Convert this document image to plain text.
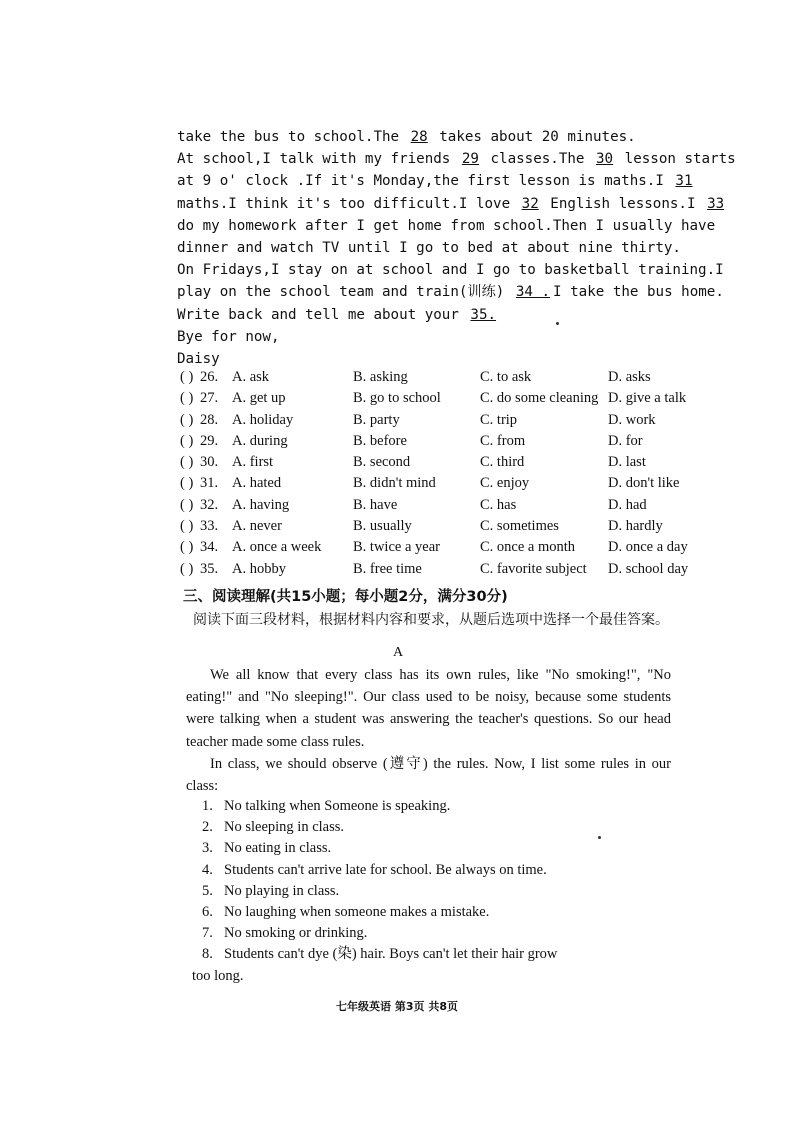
take the bus to school.The 28 takes about 20 minutes.
At school,I talk with my friends 29 classes.The 30 lesson starts
at 9 o' clock .If it's Monday,the first lesson is maths.I 31
maths.I think it's too difficult.I love 32 English lessons.I 33
do my homework after I get home from school.Then I usually have
dinner and watch TV until I go to bed at about nine thirty.
On Fridays,I stay on at school and I go to basketball training.I
play on the school team and train(训练) 34 . I take the bus home.
Write back and tell me about your 35.
Bye for now,
Daisy
( ) 26. A. ask	B. asking	C. to ask	D. asks
( ) 27. A. get up	B. go to school	C. do some cleaning D. give a talk
( ) 28. A. holiday	B. party	C. trip	D. work
( ) 29. A. during	B. before	C. from	D. for
( ) 30. A. first	B. second	C. third	D. last
( ) 31. A. hated	B. didn't mind	C. enjoy	D. don't like
( ) 32. A. having	B. have	C. has	D. had
( ) 33. A. never	B. usually	C. sometimes	D. hardly
( ) 34. A. once a week B. twice a year	C. once a month D. once a day
( ) 35. A. hobby	B. free time	C. favorite subject D. school day
三、阅读理解(共15小题；每小题2分，满分30分)
阅读下面三段材料，根据材料内容和要求，从题后选项中选择一个最佳答案。
A

We all know that every class has its own rules, like "No smoking!", "No eating!" and "No sleeping!". Our class used to be noisy, because some students were talking when a student was answering the teacher's questions. So our head teacher made some class rules.

In class, we should observe (遵守) the rules. Now, I list some rules in our class:

1. No talking when Someone is speaking.
2. No sleeping in class.
3. No eating in class.
4. Students can't arrive late for school. Be always on time.
5. No playing in class.
6. No laughing when someone makes a mistake.
7. No smoking or drinking.
8. Students can't dye (染) hair. Boys can't let their hair grow
too long.
七年级英语 第3页 共8页
